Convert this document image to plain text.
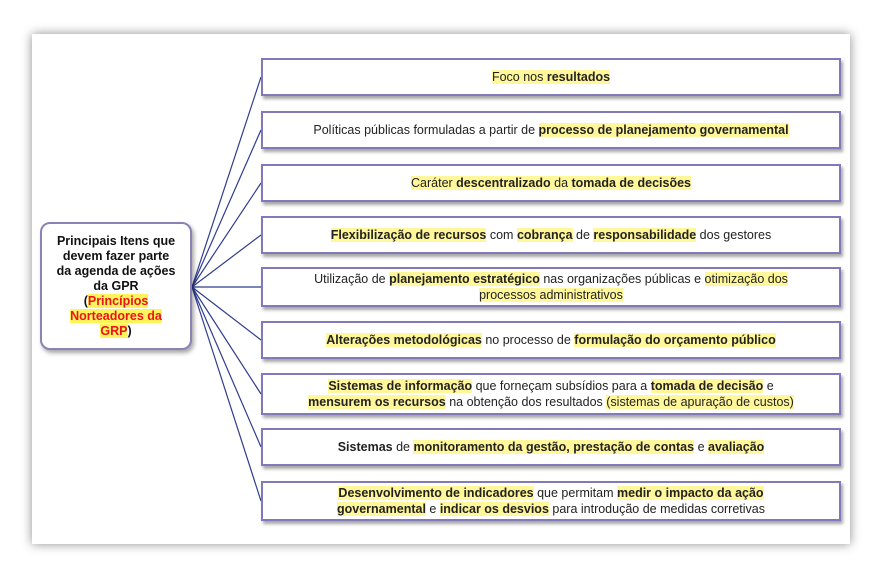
Principais Itens que
devem fazer parte
da agenda de ações
da GPR
(Princípios
Norteadores da
GRP)
Foco nos resultados
Políticas públicas formuladas a partir de processo de planejamento governamental
Caráter descentralizado da tomada de decisões
Flexibilização de recursos com cobrança de responsabilidade dos gestores
Utilização de planejamento estratégico nas organizações públicas e otimização dos
processos administrativos
Alterações metodológicas no processo de formulação do orçamento público
Sistemas de informação que forneçam subsídios para a tomada de decisão e
mensurem os recursos na obtenção dos resultados (sistemas de apuração de custos)
Sistemas de monitoramento da gestão, prestação de contas e avaliação
Desenvolvimento de indicadores que permitam medir o impacto da ação
governamental e indicar os desvios para introdução de medidas corretivas
